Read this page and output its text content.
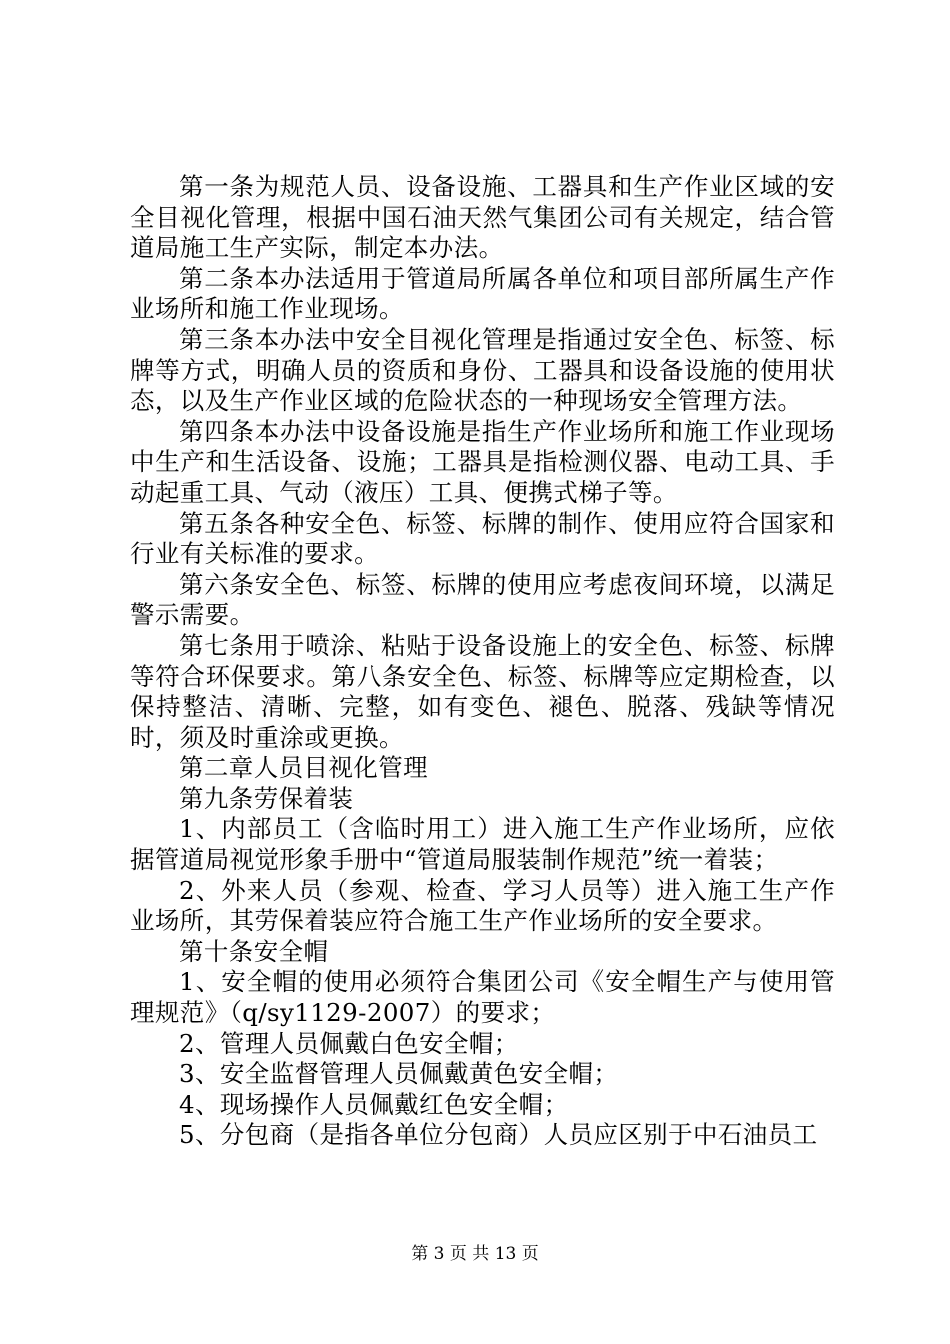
第一条为规范人员、设备设施、工器具和生产作业区域的安全目视化管理，根据中国石油天然气集团公司有关规定，结合管道局施工生产实际，制定本办法。

第二条本办法适用于管道局所属各单位和项目部所属生产作业场所和施工作业现场。

第三条本办法中安全目视化管理是指通过安全色、标签、标牌等方式，明确人员的资质和身份、工器具和设备设施的使用状态，以及生产作业区域的危险状态的一种现场安全管理方法。

第四条本办法中设备设施是指生产作业场所和施工作业现场中生产和生活设备、设施；工器具是指检测仪器、电动工具、手动起重工具、气动（液压）工具、便携式梯子等。

第五条各种安全色、标签、标牌的制作、使用应符合国家和行业有关标准的要求。

第六条安全色、标签、标牌的使用应考虑夜间环境，以满足警示需要。

第七条用于喷涂、粘贴于设备设施上的安全色、标签、标牌等符合环保要求。第八条安全色、标签、标牌等应定期检查，以保持整洁、清晰、完整，如有变色、褪色、脱落、残缺等情况时，须及时重涂或更换。

第二章人员目视化管理

第九条劳保着装

1、内部员工（含临时用工）进入施工生产作业场所，应依据管道局视觉形象手册中“管道局服装制作规范”统一着装；

2、外来人员（参观、检查、学习人员等）进入施工生产作业场所，其劳保着装应符合施工生产作业场所的安全要求。

第十条安全帽

1、安全帽的使用必须符合集团公司《安全帽生产与使用管理规范》（q/sy1129-2007）的要求；

2、管理人员佩戴白色安全帽；

3、安全监督管理人员佩戴黄色安全帽；

4、现场操作人员佩戴红色安全帽；

5、分包商（是指各单位分包商）人员应区别于中石油员工

第 3 页 共 13 页
